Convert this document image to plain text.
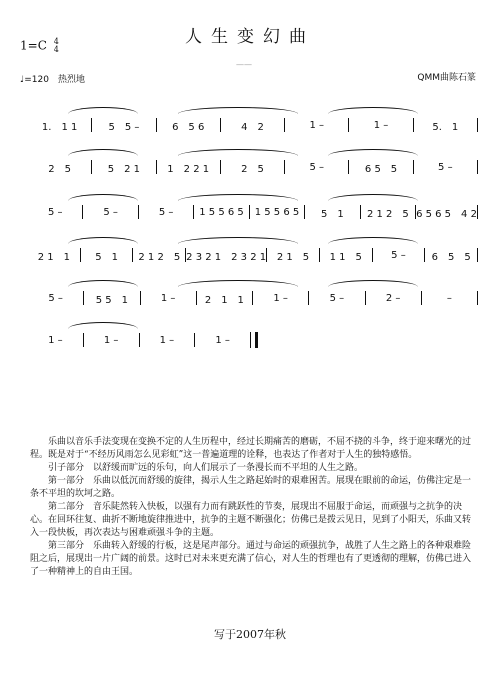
人生变幻曲
1=C 4
4
——
♩=120　热烈地	QMM曲陈石篆
1.　1 1	5　5 –	6　5 6	4　2	1 –	1 –	5.　1
2　5	5　2 1	1　2 2 1	2　5	5 –	6 5　5	5 –
5 –	5 –	5 –	1 5 5 6 5	1 5 5 6 5	5　1	2 1 2　5 6 5 6 5　4 2
2 1　1	5　1	2 1 2　5 2 3 2 1　2 3 2 1	2 1　5	1 1　5	5 –	6　5　5
5 –	5 5　1	1 –	2　1　1	1 –	5 –	2 –	–
1 –	1 –	1 –	1 –

乐曲以音乐手法变现在变换不定的人生历程中，经过长期痛苦的磨砺，不屈不挠的斗争，终于迎来曙光的过程。既是对于“不经历风雨怎么见彩虹”这一普遍道理的诠释，也表达了作者对于人生的独特感悟。

引子部分　以舒缓而旷远的乐句，向人们展示了一条漫长而不平坦的人生之路。

第一部分　乐曲以低沉而舒缓的旋律，揭示人生之路起始时的艰难困苦。展现在眼前的命运，仿佛注定是一条不平坦的坎坷之路。

第二部分　音乐陡然转入快板，以强有力而有跳跃性的节奏，展现出不屈服于命运，而顽强与之抗争的决心。在回环往复、曲折不断地旋律推进中，抗争的主题不断强化；仿佛已是拨云见日，见到了小阳天，乐曲又转入一段快板，再次表达与困难顽强斗争的主题。

第三部分　乐曲转入舒缓的行板，这是尾声部分。通过与命运的顽强抗争，战胜了人生之路上的各种艰难险阻之后，展现出一片广阔的前景。这时已对未来更充满了信心，对人生的哲理也有了更透彻的理解，仿佛已进入了一种精神上的自由王国。

写于2007年秋
